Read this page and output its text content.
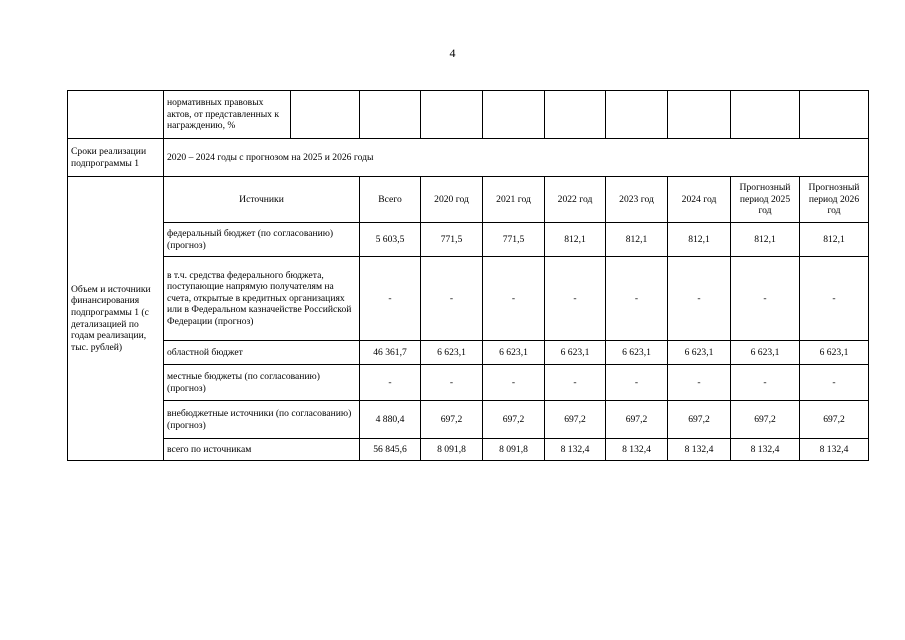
4
	нормативных правовых актов, от представленных к награждению, %									
Сроки реализации подпрограммы 1	2020 – 2024 годы с прогнозом на 2025 и 2026 годы									
Объем и источники финансирования подпрограммы 1 (с детализацией по годам реализации, тыс. рублей)	Источники		Всего	2020 год	2021 год	2022 год	2023 год	2024 год	Прогнозный период 2025 год	Прогнозный период 2026 год
	федеральный бюджет (по согласованию) (прогноз)		5 603,5	771,5	771,5	812,1	812,1	812,1	812,1	812,1
	в т.ч. средства федерального бюджета, поступающие напрямую получателям на счета, открытые в кредитных организациях или в Федеральном казначействе Российской Федерации (прогноз)		-	-	-	-	-	-	-	-
	областной бюджет		46 361,7	6 623,1	6 623,1	6 623,1	6 623,1	6 623,1	6 623,1	6 623,1
	местные бюджеты (по согласованию) (прогноз)		-	-	-	-	-	-	-	-
	внебюджетные источники (по согласованию) (прогноз)		4 880,4	697,2	697,2	697,2	697,2	697,2	697,2	697,2
	всего по источникам		56 845,6	8 091,8	8 091,8	8 132,4	8 132,4	8 132,4	8 132,4	8 132,4
